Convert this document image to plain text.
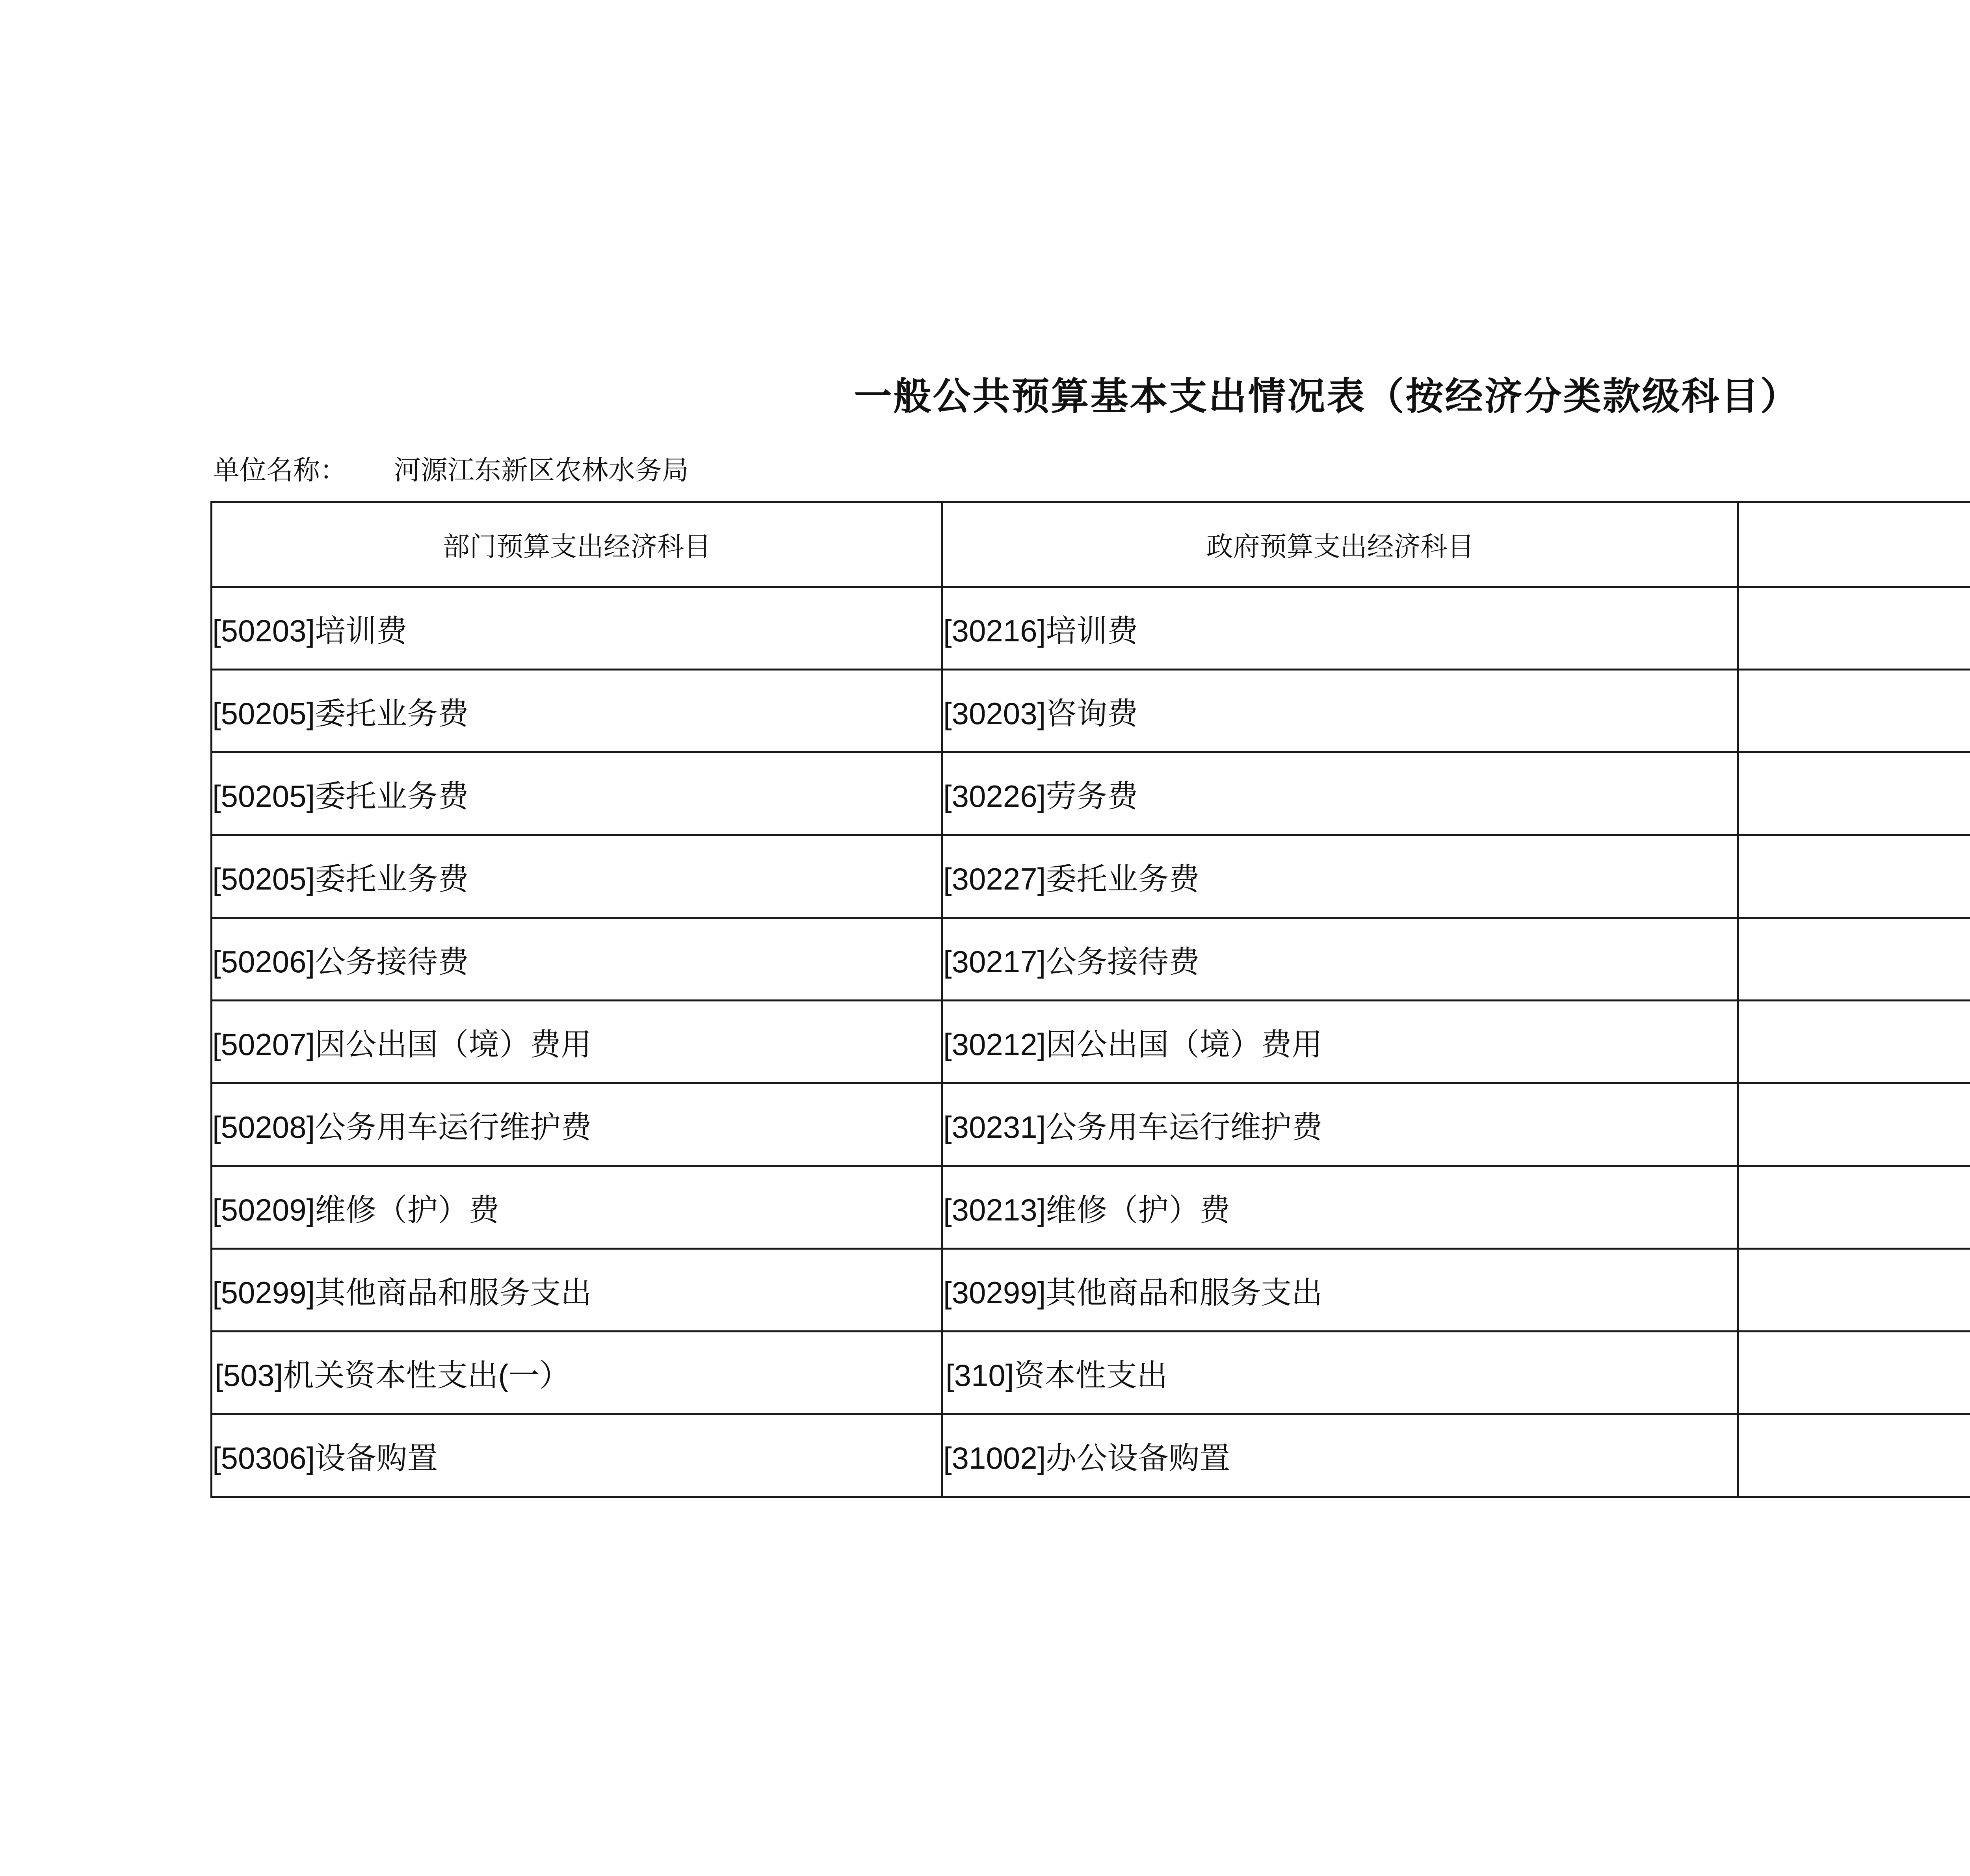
一般公共预算基本支出情况表（按经济分类款级科目）
单位名称： 河源江东新区农林水务局
部门预算支出经济科目	政府预算支出经济科目	
[50203]培训费	[30216]培训费	
[50205]委托业务费	[30203]咨询费	
[50205]委托业务费	[30226]劳务费	
[50205]委托业务费	[30227]委托业务费	
[50206]公务接待费	[30217]公务接待费	
[50207]因公出国（境）费用	[30212]因公出国（境）费用	
[50208]公务用车运行维护费	[30231]公务用车运行维护费	
[50209]维修（护）费	[30213]维修（护）费	
[50299]其他商品和服务支出	[30299]其他商品和服务支出	
[503]机关资本性支出(一）	[310]资本性支出	
[50306]设备购置	[31002]办公设备购置	
